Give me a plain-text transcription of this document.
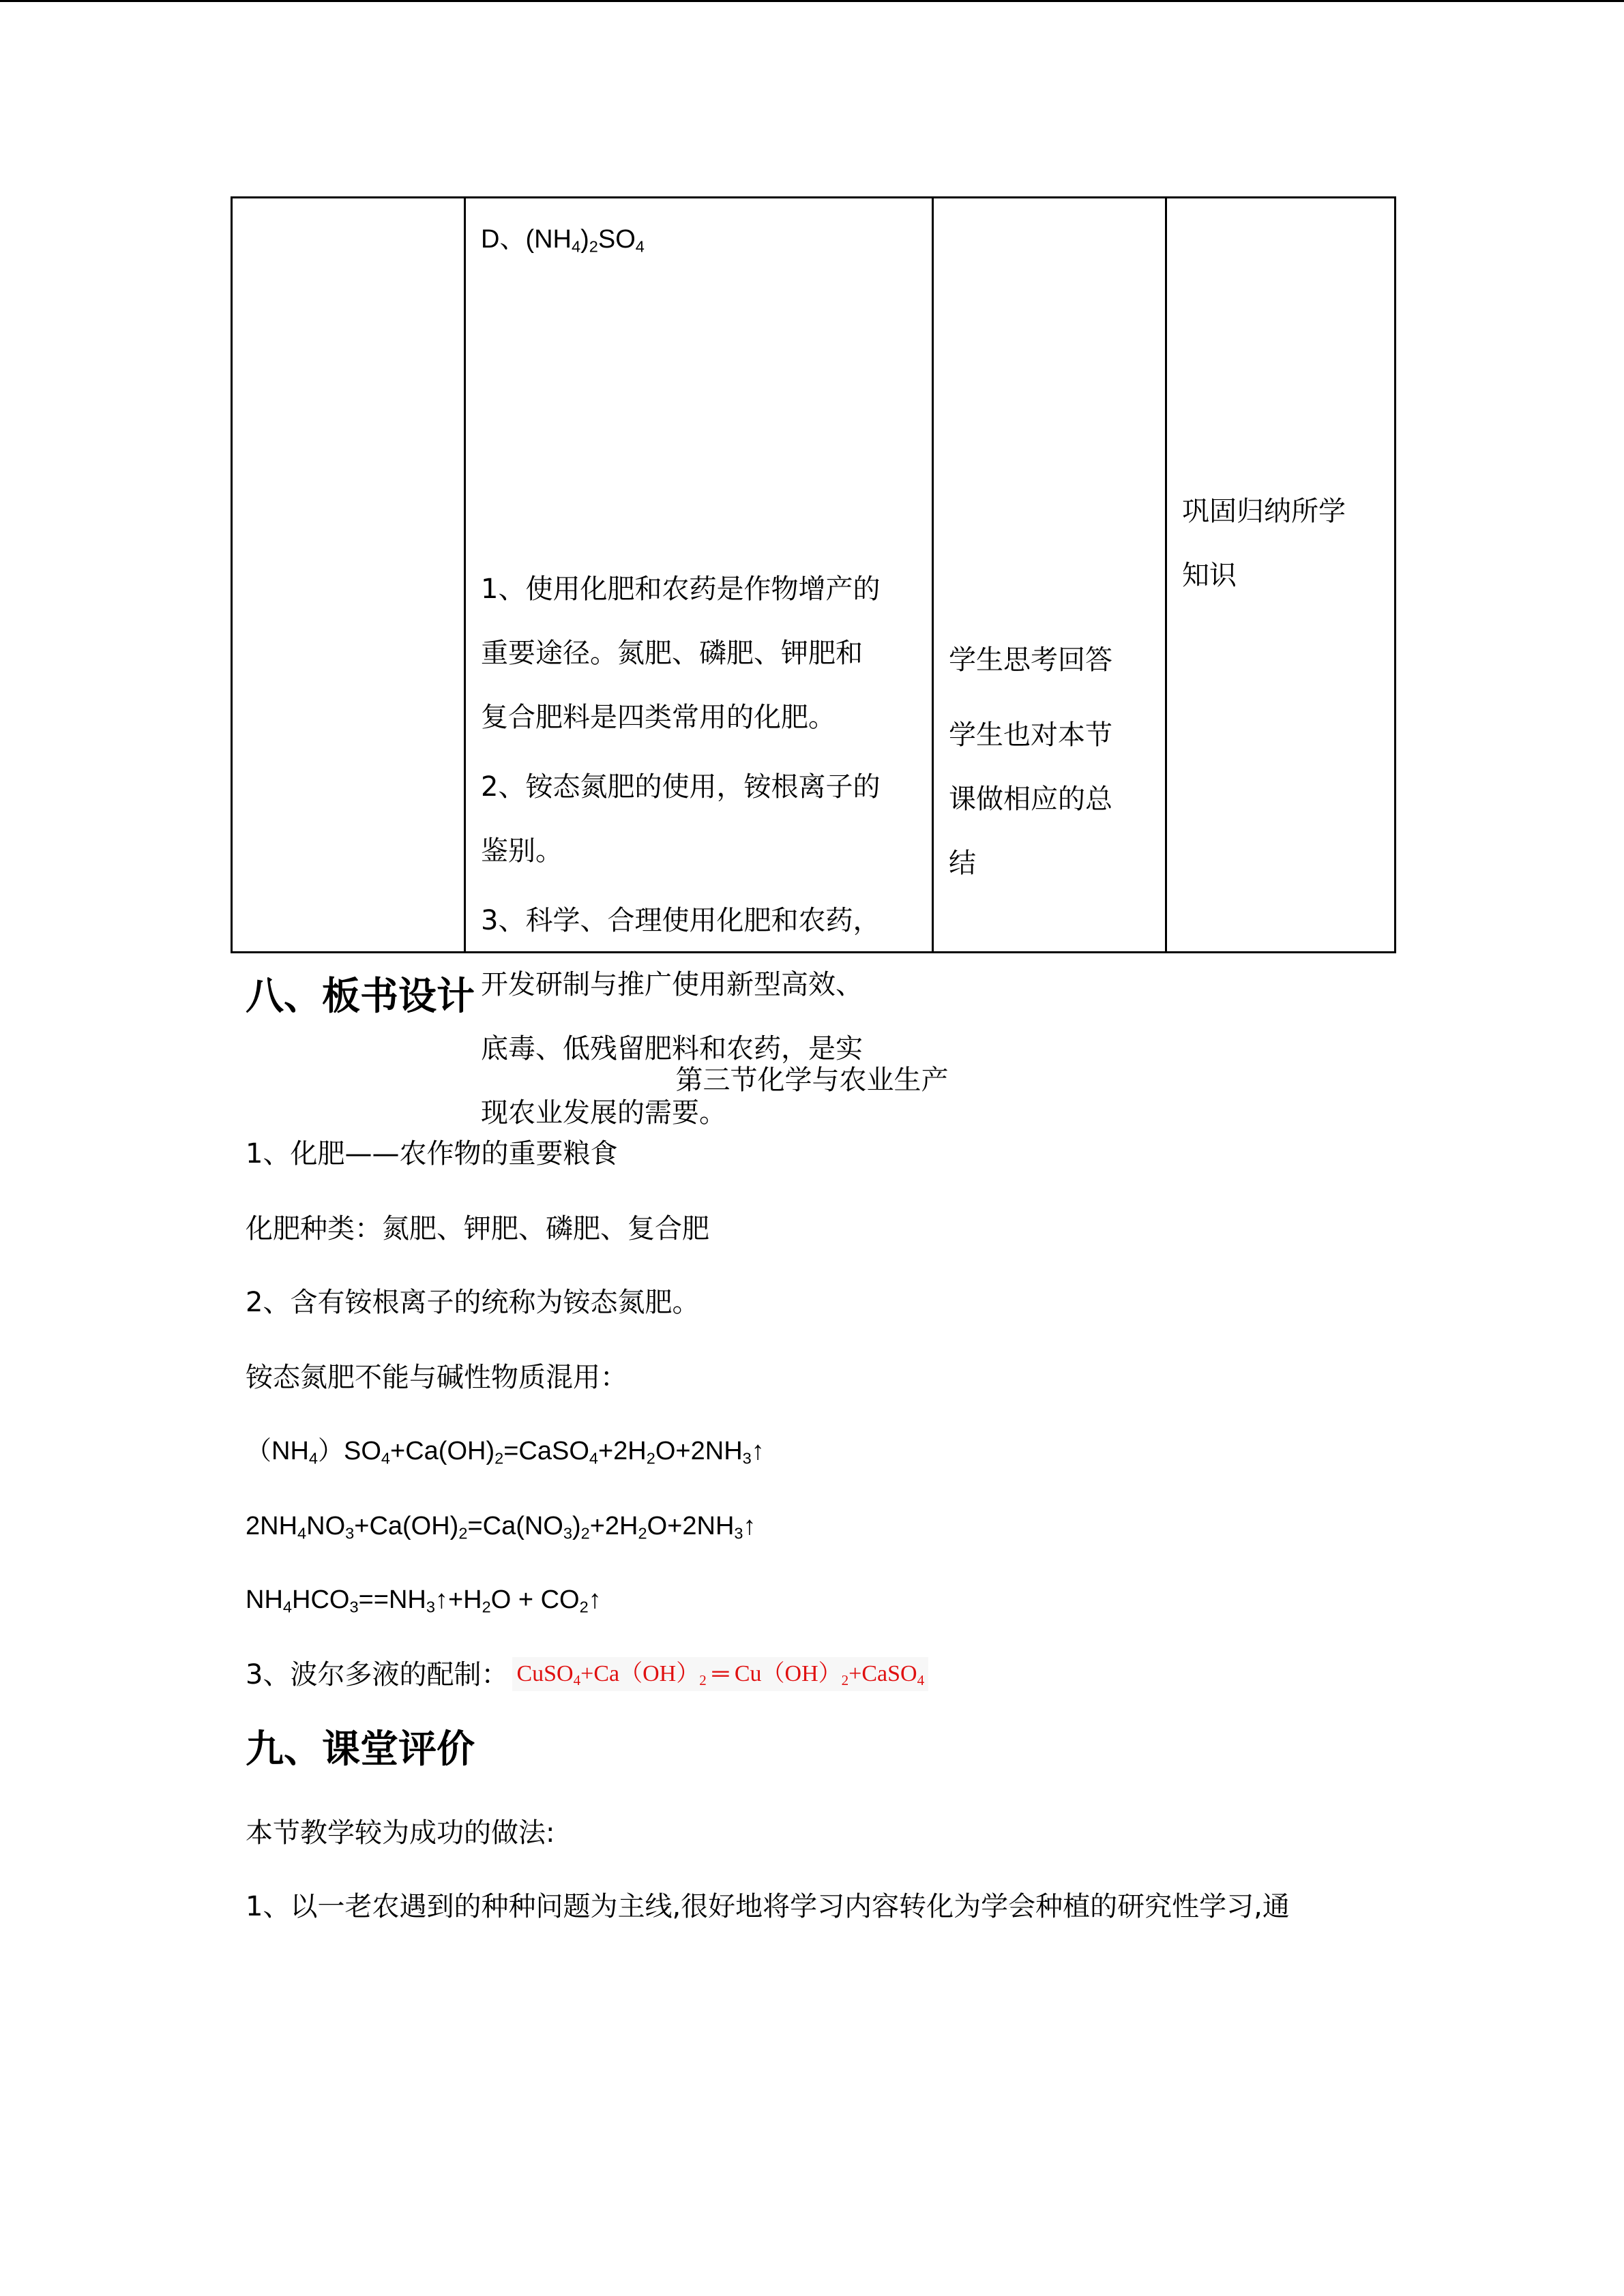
D、$(NH_4)_2SO_4$
1、使用化肥和农药是作物增产的
重要途径。氮肥、磷肥、钾肥和
复合肥料是四类常用的化肥。
2、铵态氮肥的使用，铵根离子的
鉴别。
3、科学、合理使用化肥和农药，
开发研制与推广使用新型高效、
底毒、低残留肥料和农药，是实
现农业发展的需要。

学生思考回答
学生也对本节
课做相应的总
结

巩固归纳所学
知识
八、板书设计
第三节化学与农业生产
1、化肥——农作物的重要粮食
化肥种类：氮肥、钾肥、磷肥、复合肥
2、含有铵根离子的统称为铵态氮肥。
铵态氮肥不能与碱性物质混用：
$(NH_4)SO_4+Ca(OH)_2=CaSO_4+2H_2O+2NH_3↑$
$2NH_4NO_3+Ca(OH)_2=Ca(NO_3)_2+2H_2O+2NH_3↑$
$NH_4HCO_3==NH_3↑+H_2O$ + $CO_2↑$
3、波尔多液的配制： $CuSO_4+Ca(OH)_2$ ═ $Cu(OH)_2+CaSO_4$
九、课堂评价
本节教学较为成功的做法:
1、以一老农遇到的种种问题为主线,很好地将学习内容转化为学会种植的研究性学习,通
